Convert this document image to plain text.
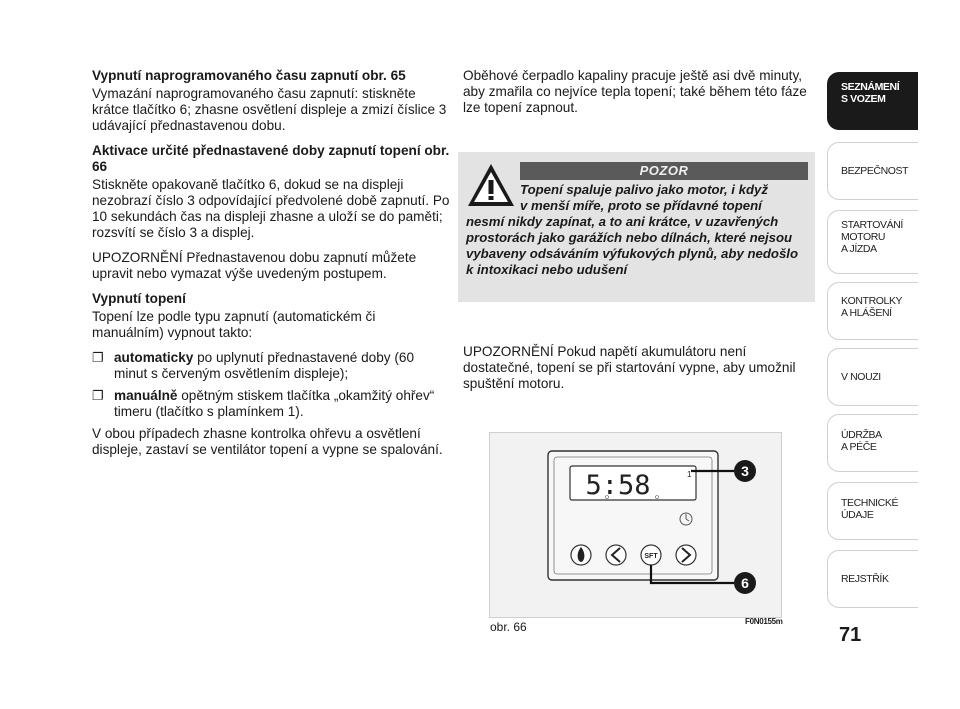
Vypnutí naprogramovaného času zapnutí obr. 65

Vymazání naprogramovaného času zapnutí: stiskněte krátce tlačítko 6; zhasne osvětlení displeje a zmizí číslice 3 udávající přednastavenou dobu.

Aktivace určité přednastavené doby zapnutí topení obr. 66

Stiskněte opakovaně tlačítko 6, dokud se na displeji nezobrazí číslo 3 odpovídající předvolené době zapnutí. Po 10 sekundách čas na displeji zhasne a uloží se do paměti; rozsvítí se číslo 3 a displej.

UPOZORNĚNÍ Přednastavenou dobu zapnutí můžete upravit nebo vymazat výše uvedeným postupem.

Vypnutí topení

Topení lze podle typu zapnutí (automatickém či manuálním) vypnout takto:

❐ automaticky po uplynutí přednastavené doby (60 minut s červeným osvětlením displeje);
❐ manuálně opětným stiskem tlačítka „okamžitý ohřev“ timeru (tlačítko s plamínkem 1).

V obou případech zhasne kontrolka ohřevu a osvětlení displeje, zastaví se ventilátor topení a vypne se spalování.

Oběhové čerpadlo kapaliny pracuje ještě asi dvě minuty, aby zmařila co nejvíce tepla topení; také během této fáze lze topení zapnout.

POZOR
Topení spaluje palivo jako motor, i když
v menší míře, proto se přídavné topení
nesmí nikdy zapínat, a to ani krátce, v uzavřených prostorách jako garážích nebo dílnách, které nejsou vybaveny odsáváním výfukových plynů, aby nedošlo k intoxikaci nebo udušení

UPOZORNĚNÍ Pokud napětí akumulátoru není dostatečné, topení se při startování vypne, aby umožnil spuštění motoru.

5:58	1
SFT
3
6
obr. 66	F0N0155m
SEZNÁMENÍ
S VOZEM
BEZPEČNOST
STARTOVÁNÍ
MOTORU
A JÍZDA
KONTROLKY
A HLÁŠENÍ
V NOUZI
ÚDRŽBA
A PÉČE
TECHNICKÉ
ÚDAJE
REJSTŘÍK
71
